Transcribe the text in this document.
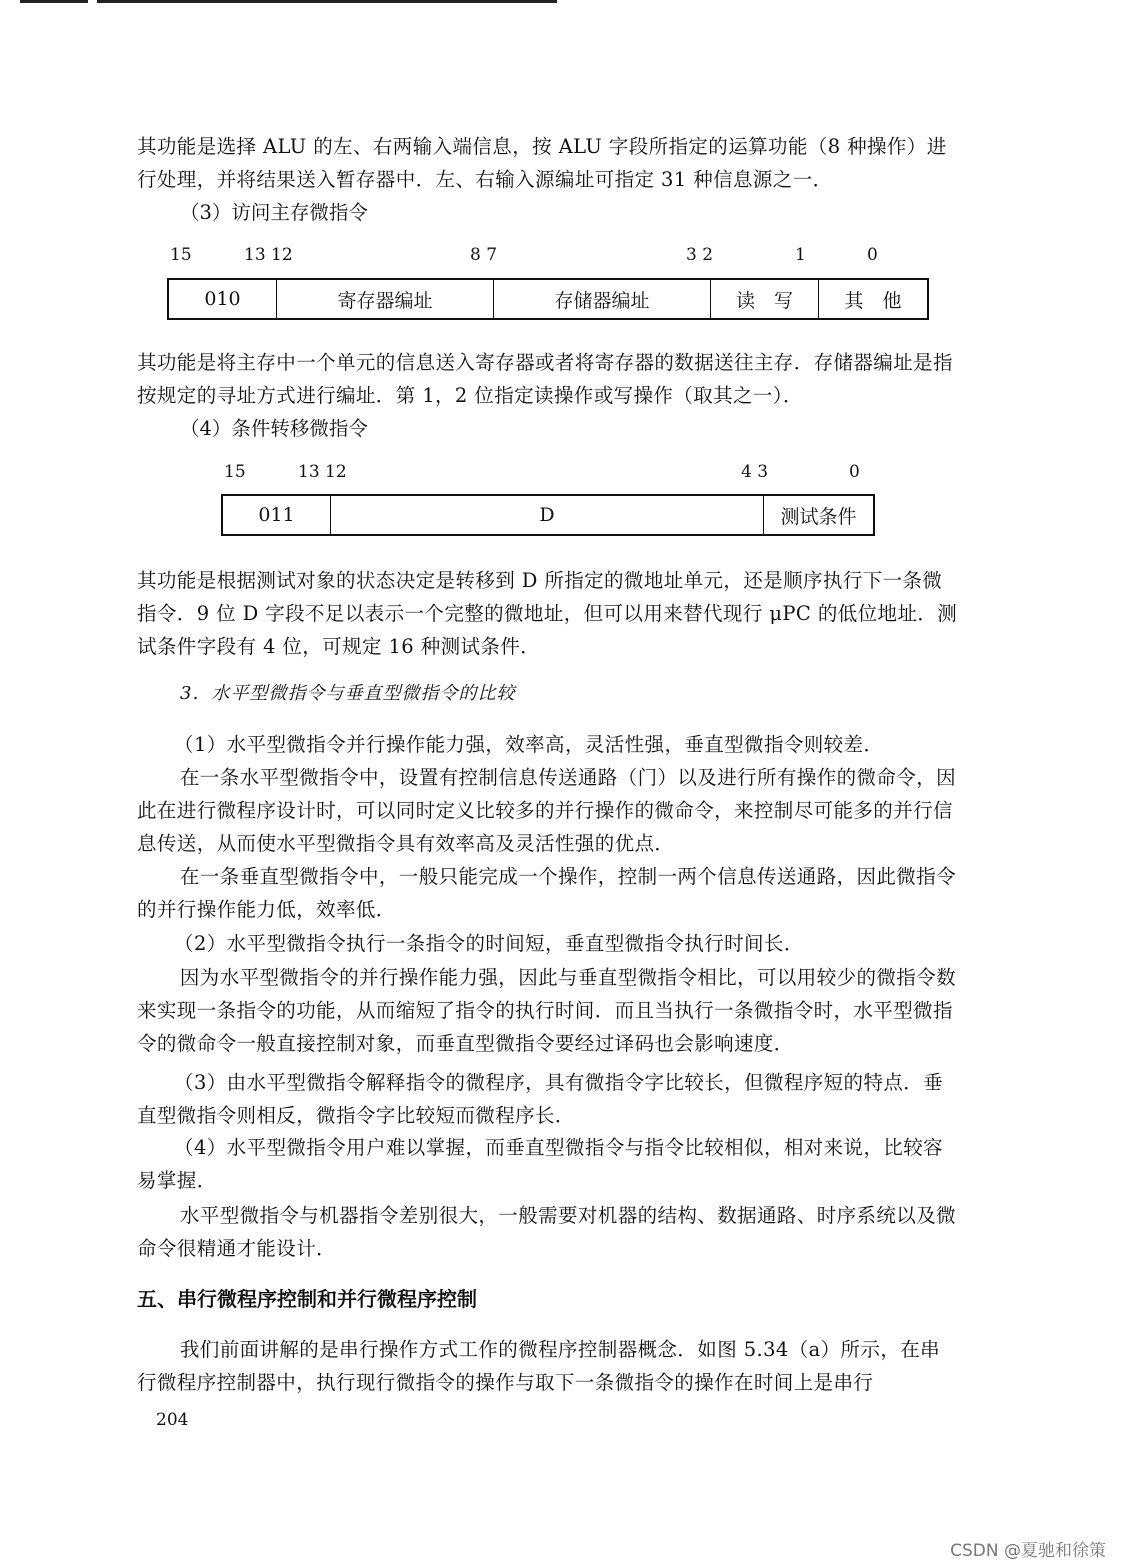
其功能是选择 ALU 的左、右两输入端信息，按 ALU 字段所指定的运算功能（8 种操作）进行处理，并将结果送入暂存器中．左、右输入源编址可指定 31 种信息源之一．
（3）访问主存微指令
15	13 12	8 7	3 2	1	0
010	寄存器编址	存储器编址	读　写	其　他
其功能是将主存中一个单元的信息送入寄存器或者将寄存器的数据送往主存．存储器编址是指按规定的寻址方式进行编址．第 1，2 位指定读操作或写操作（取其之一）．
（4）条件转移微指令
15	13 12	4 3	0
011	D	测试条件
其功能是根据测试对象的状态决定是转移到 D 所指定的微地址单元，还是顺序执行下一条微指令．9 位 D 字段不足以表示一个完整的微地址，但可以用来替代现行 μPC 的低位地址．测试条件字段有 4 位，可规定 16 种测试条件．
3．水平型微指令与垂直型微指令的比较
（1）水平型微指令并行操作能力强，效率高，灵活性强，垂直型微指令则较差．
在一条水平型微指令中，设置有控制信息传送通路（门）以及进行所有操作的微命令，因此在进行微程序设计时，可以同时定义比较多的并行操作的微命令，来控制尽可能多的并行信息传送，从而使水平型微指令具有效率高及灵活性强的优点．
在一条垂直型微指令中，一般只能完成一个操作，控制一两个信息传送通路，因此微指令的并行操作能力低，效率低．
（2）水平型微指令执行一条指令的时间短，垂直型微指令执行时间长．
因为水平型微指令的并行操作能力强，因此与垂直型微指令相比，可以用较少的微指令数来实现一条指令的功能，从而缩短了指令的执行时间．而且当执行一条微指令时，水平型微指令的微命令一般直接控制对象，而垂直型微指令要经过译码也会影响速度．
（3）由水平型微指令解释指令的微程序，具有微指令字比较长，但微程序短的特点．垂直型微指令则相反，微指令字比较短而微程序长．
（4）水平型微指令用户难以掌握，而垂直型微指令与指令比较相似，相对来说，比较容易掌握．
水平型微指令与机器指令差别很大，一般需要对机器的结构、数据通路、时序系统以及微命令很精通才能设计．
五、串行微程序控制和并行微程序控制
我们前面讲解的是串行操作方式工作的微程序控制器概念．如图 5.34（a）所示，在串行微程序控制器中，执行现行微指令的操作与取下一条微指令的操作在时间上是串行
204
CSDN @夏驰和徐策
